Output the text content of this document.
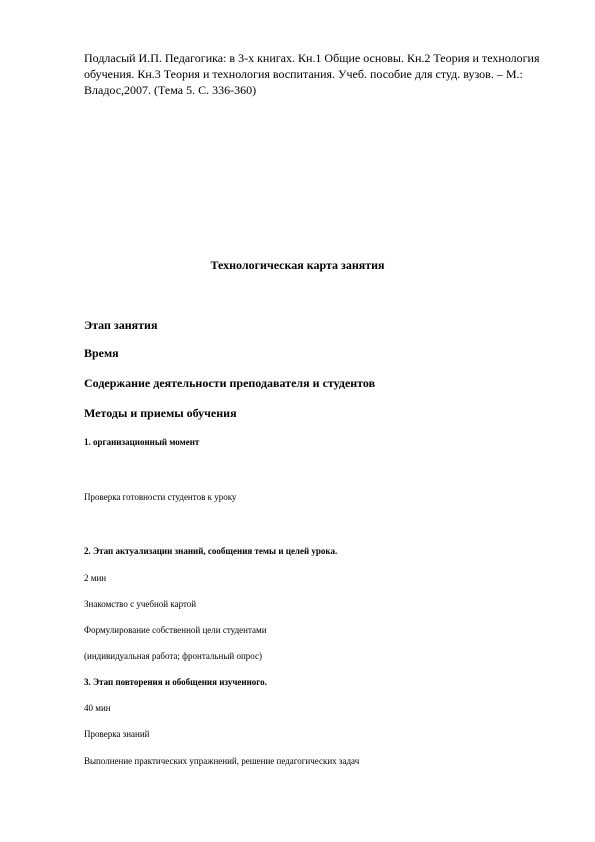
Подласый И.П. Педагогика: в 3-х книгах. Кн.1 Общие основы. Кн.2 Теория и технология обучения. Кн.3 Теория и технология воспитания. Учеб. пособие для студ. вузов. – М.: Владос,2007. (Тема 5. С. 336-360)

Технологическая карта занятия

Этап занятия

Время

Содержание деятельности преподавателя и студентов

Методы и приемы обучения

1. организационный момент

Проверка готовности студентов к уроку

2. Этап актуализации знаний, сообщения темы и целей урока.

2 мин

Знакомство с учебной картой

Формулирование собственной цели студентами

(индивидуальная работа; фронтальный опрос)

3. Этап повторения и обобщения изученного.

40 мин

Проверка знаний

Выполнение практических упражнений, решение педагогических задач
